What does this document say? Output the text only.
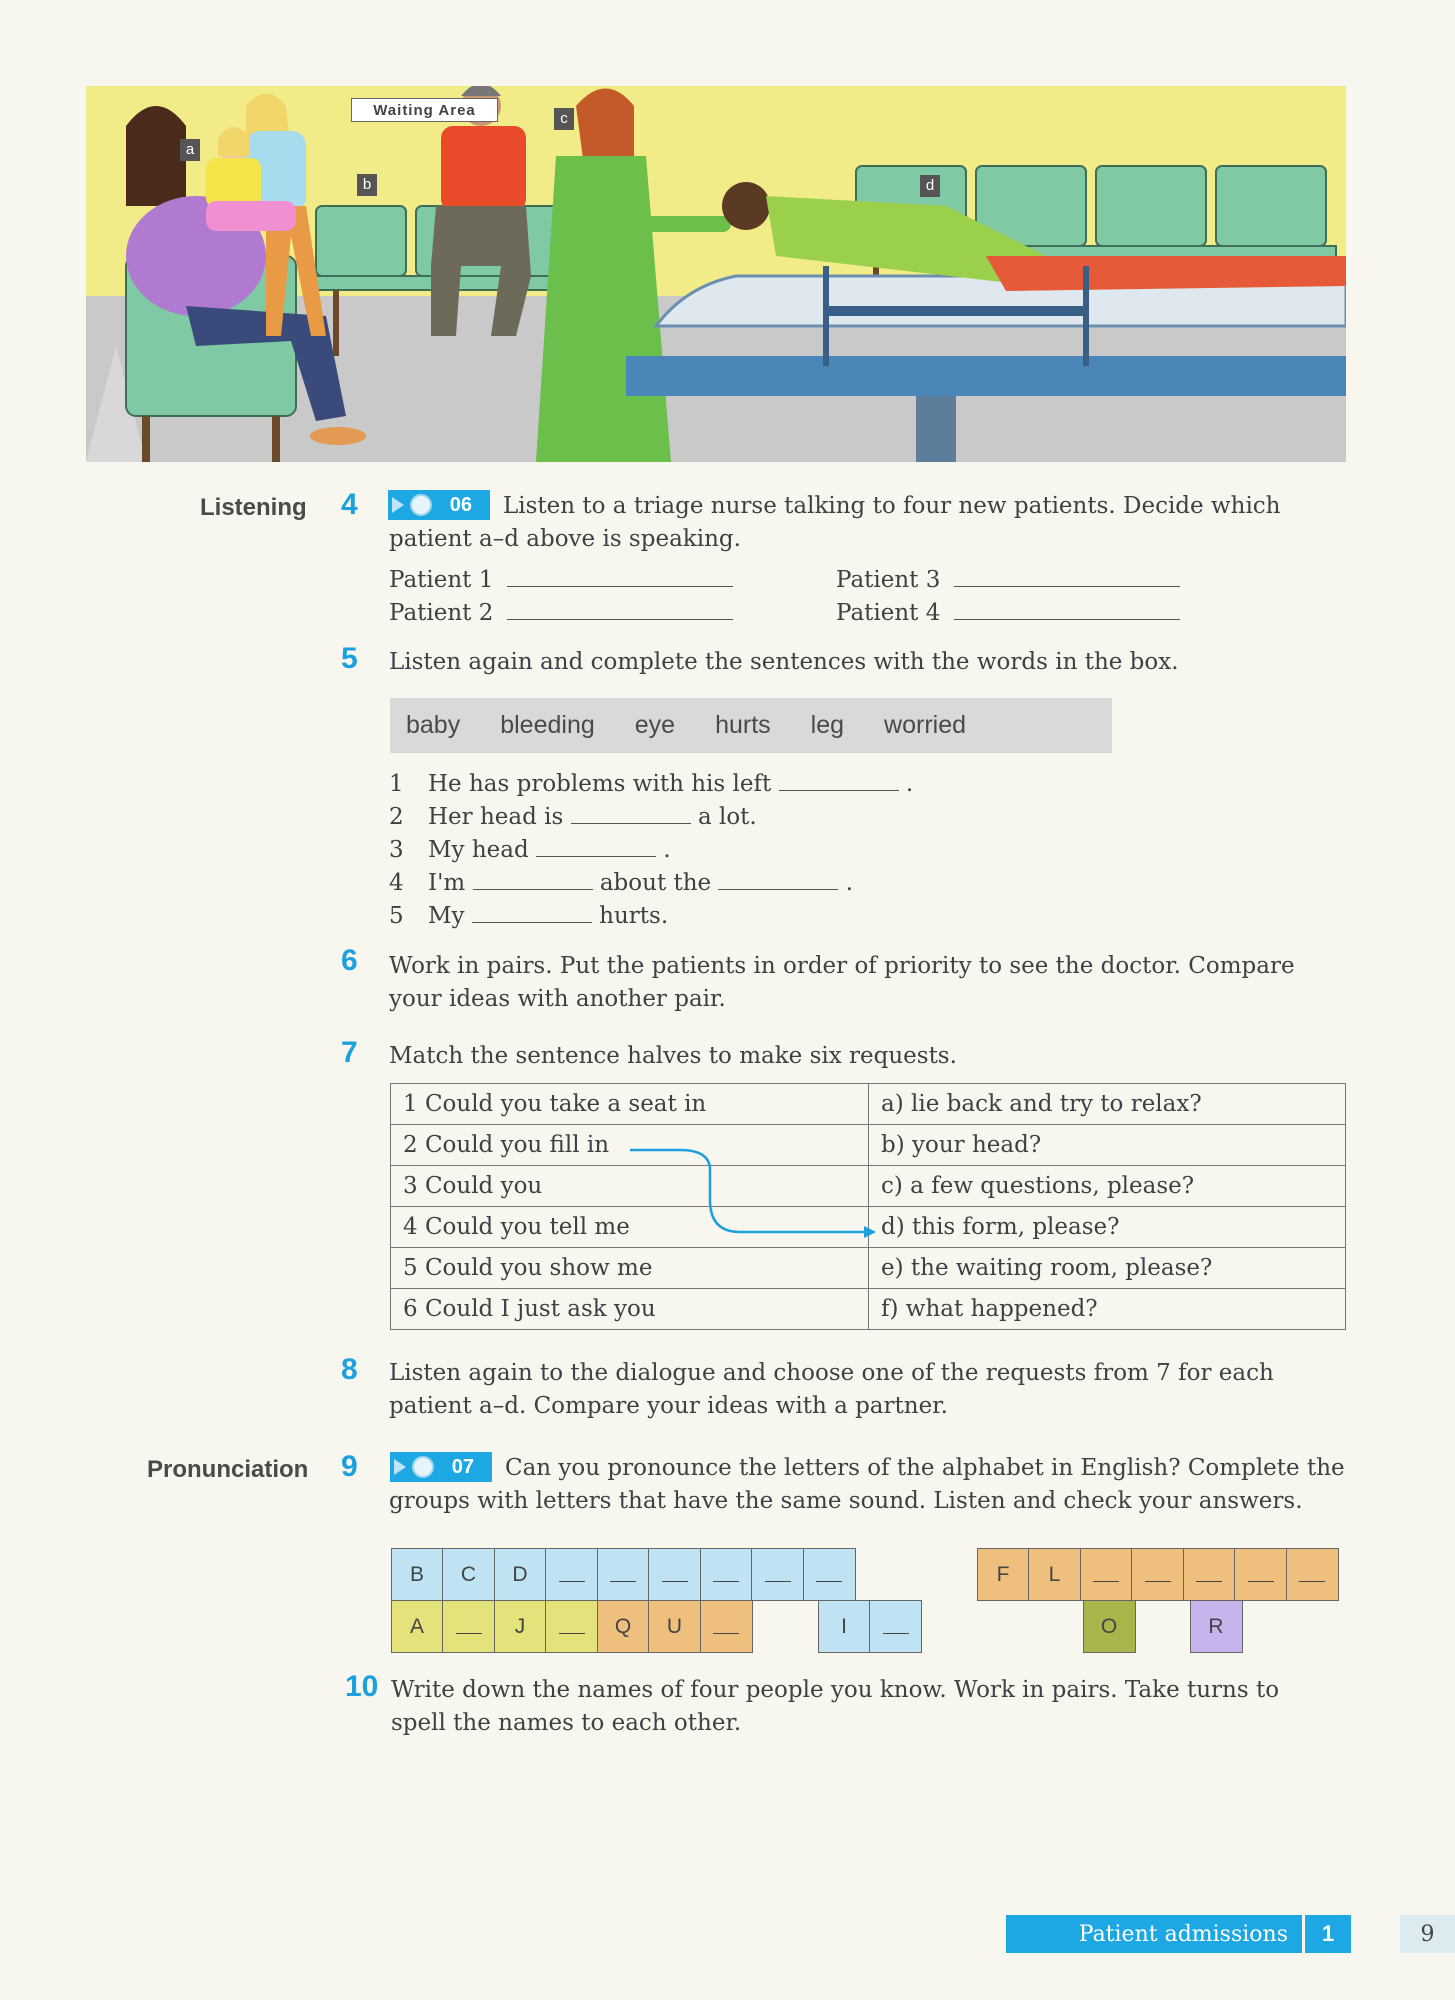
Waiting Area
a
b
c
d
Listening 4	06 Listen to a triage nurse talking to four new patients. Decide which
patient a–d above is speaking.
Patient 1
Patient 2
Patient 3
Patient 4
5 Listen again and complete the sentences with the words in the box.
baby bleeding eye hurts leg worried
1 He has problems with his left	.
2 Her head is	a lot.
3 My head	.
4 I'm	about the	.
5 My	hurts.
6 Work in pairs. Put the patients in order of priority to see the doctor. Compare
your ideas with another pair.
7 Match the sentence halves to make six requests.
1 Could you take a seat in	a) lie back and try to relax?
2 Could you fill in	b) your head?
3 Could you	c) a few questions, please?
4 Could you tell me	d) this form, please?
5 Could you show me	e) the waiting room, please?
6 Could I just ask you	f) what happened?
8 Listen again to the dialogue and choose one of the requests from 7 for each
patient a–d. Compare your ideas with a partner.
Pronunciation 9	07 Can you pronounce the letters of the alphabet in English? Complete the
groups with letters that have the same sound. Listen and check your answers.
B	C	D
A	J	Q	U	I
F	L
O	R
10 Write down the names of four people you know. Work in pairs. Take turns to
spell the names to each other.
Patient admissions	1	9
